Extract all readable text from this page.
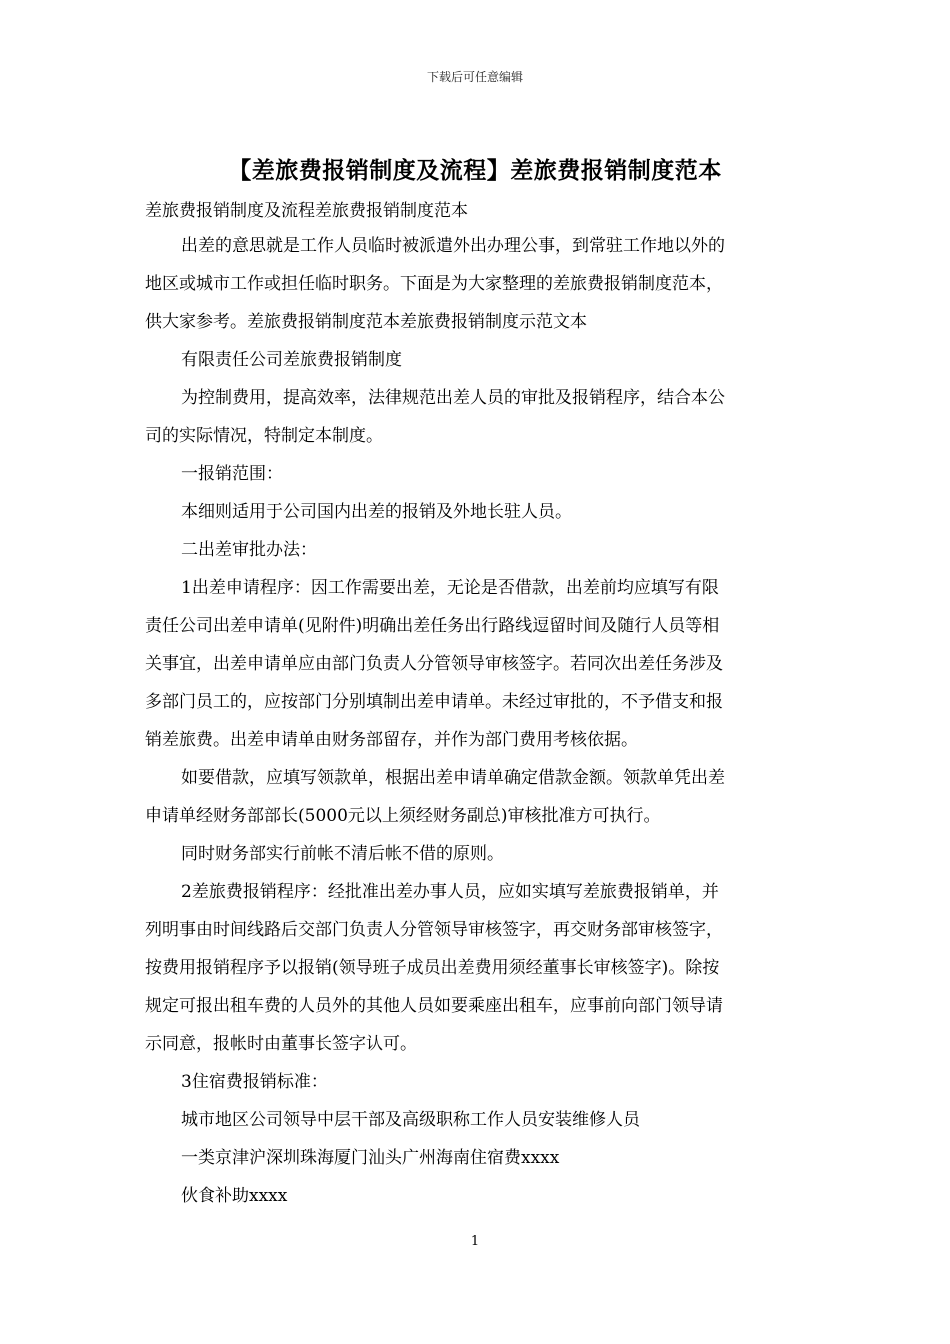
下载后可任意编辑
【差旅费报销制度及流程】差旅费报销制度范本

差旅费报销制度及流程差旅费报销制度范本

出差的意思就是工作人员临时被派遣外出办理公事，到常驻工作地以外的

地区或城市工作或担任临时职务。下面是为大家整理的差旅费报销制度范本，

供大家参考。差旅费报销制度范本差旅费报销制度示范文本

有限责任公司差旅费报销制度

为控制费用，提高效率，法律规范出差人员的审批及报销程序，结合本公

司的实际情况，特制定本制度。

一报销范围：

本细则适用于公司国内出差的报销及外地长驻人员。

二出差审批办法：

1出差申请程序：因工作需要出差，无论是否借款，出差前均应填写有限

责任公司出差申请单(见附件)明确出差任务出行路线逗留时间及随行人员等相

关事宜，出差申请单应由部门负责人分管领导审核签字。若同次出差任务涉及

多部门员工的，应按部门分别填制出差申请单。未经过审批的，不予借支和报

销差旅费。出差申请单由财务部留存，并作为部门费用考核依据。

如要借款，应填写领款单，根据出差申请单确定借款金额。领款单凭出差

申请单经财务部部长(5000元以上须经财务副总)审核批准方可执行。

同时财务部实行前帐不清后帐不借的原则。

2差旅费报销程序：经批准出差办事人员，应如实填写差旅费报销单，并

列明事由时间线路后交部门负责人分管领导审核签字，再交财务部审核签字，

按费用报销程序予以报销(领导班子成员出差费用须经董事长审核签字)。除按

规定可报出租车费的人员外的其他人员如要乘座出租车，应事前向部门领导请

示同意，报帐时由董事长签字认可。

3住宿费报销标准：

城市地区公司领导中层干部及高级职称工作人员安装维修人员

一类京津沪深圳珠海厦门汕头广州海南住宿费xxxx

伙食补助xxxx

1
